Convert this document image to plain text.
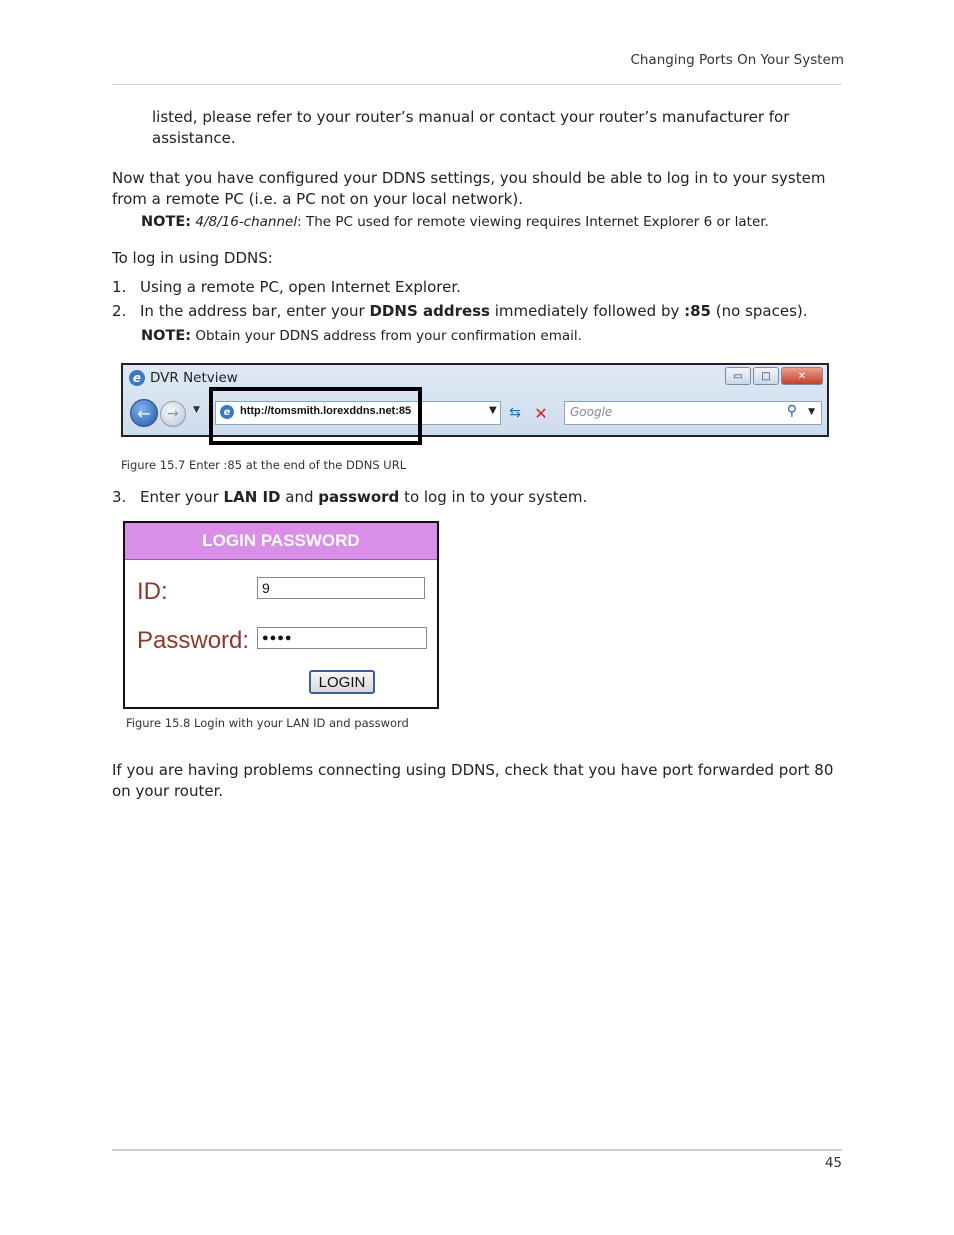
Changing Ports On Your System
listed, please refer to your router’s manual or contact your router’s manufacturer for assistance.
Now that you have configured your DDNS settings, you should be able to log in to your system from a remote PC (i.e. a PC not on your local network).
NOTE: 4/8/16-channel: The PC used for remote viewing requires Internet Explorer 6 or later.
To log in using DDNS:
1. Using a remote PC, open Internet Explorer.
2. In the address bar, enter your DDNS address immediately followed by :85 (no spaces).
NOTE: Obtain your DDNS address from your confirmation email.
e DVR Netview	▭	□	✕
← → ▼	e http://tomsmith.lorexddns.net:85	▼ ⇆ ✕ Google	⚲ ▼
Figure 15.7 Enter :85 at the end of the DDNS URL
3. Enter your LAN ID and password to log in to your system.
LOGIN PASSWORD
ID:	9
Password:	●●●●
LOGIN
Figure 15.8 Login with your LAN ID and password
If you are having problems connecting using DDNS, check that you have port forwarded port 80 on your router.
45
